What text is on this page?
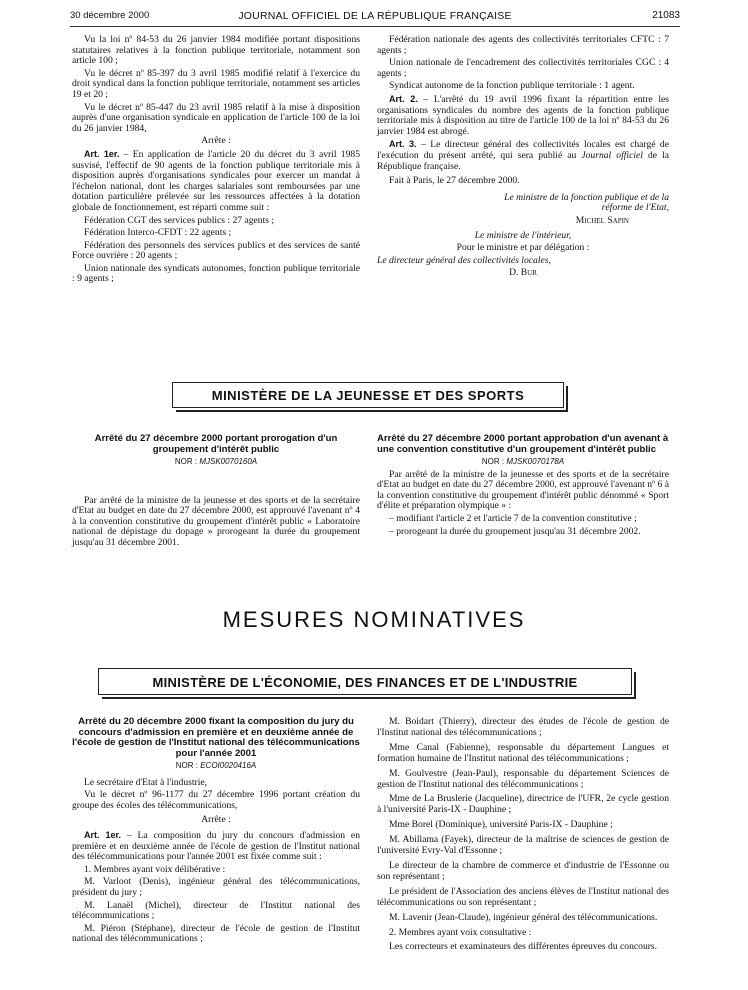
30 décembre 2000	JOURNAL OFFICIEL DE LA RÉPUBLIQUE FRANÇAISE	21083

Vu la loi nº 84-53 du 26 janvier 1984 modifiée portant dispositions statutaires relatives à la fonction publique territoriale, notamment son article 100 ;

Vu le décret nº 85-397 du 3 avril 1985 modifié relatif à l'exercice du droit syndical dans la fonction publique territoriale, notamment ses articles 19 et 20 ;

Vu le décret nº 85-447 du 23 avril 1985 relatif à la mise à disposition auprès d'une organisation syndicale en application de l'article 100 de la loi du 26 janvier 1984,

Arrête :

Art. 1er. – En application de l'article 20 du décret du 3 avril 1985 susvisé, l'effectif de 90 agents de la fonction publique territoriale mis à disposition auprès d'organisations syndicales pour exercer un mandat à l'échelon national, dont les charges salariales sont remboursées par une dotation particulière prélevée sur les ressources affectées à la dotation globale de fonctionnement, est réparti comme suit :

Fédération CGT des services publics : 27 agents ;

Fédération Interco-CFDT : 22 agents ;

Fédération des personnels des services publics et des services de santé Force ouvrière : 20 agents ;

Union nationale des syndicats autonomes, fonction publique territoriale : 9 agents ;

Fédération nationale des agents des collectivités territoriales CFTC : 7 agents ;

Union nationale de l'encadrement des collectivités territoriales CGC : 4 agents ;

Syndicat autonome de la fonction publique territoriale : 1 agent.

Art. 2. – L'arrêté du 19 avril 1996 fixant la répartition entre les organisations syndicales du nombre des agents de la fonction publique territoriale mis à disposition au titre de l'article 100 de la loi nº 84-53 du 26 janvier 1984 est abrogé.

Art. 3. – Le directeur général des collectivités locales est chargé de l'exécution du présent arrêté, qui sera publié au Journal officiel de la République française.

Fait à Paris, le 27 décembre 2000.

Le ministre de la fonction publique et de la réforme de l'Etat,

Michel Sapin

Le ministre de l'intérieur,

Pour le ministre et par délégation :

Le directeur général des collectivités locales,

D. Bur

MINISTÈRE DE LA JEUNESSE ET DES SPORTS

Arrêté du 27 décembre 2000 portant prorogation d'un groupement d'intérêt public

NOR : MJSK0070160A

Par arrêté de la ministre de la jeunesse et des sports et de la secrétaire d'Etat au budget en date du 27 décembre 2000, est approuvé l'avenant nº 4 à la convention constitutive du groupement d'intérêt public « Laboratoire national de dépistage du dopage » prorogeant la durée du groupement jusqu'au 31 décembre 2001.

Arrêté du 27 décembre 2000 portant approbation d'un avenant à une convention constitutive d'un groupement d'intérêt public

NOR : MJSK0070178A

Par arrêté de la ministre de la jeunesse et des sports et de la secrétaire d'Etat au budget en date du 27 décembre 2000, est approuvé l'avenant nº 6 à la convention constitutive du groupement d'intérêt public dénommé « Sport d'élite et préparation olympique » :

– modifiant l'article 2 et l'article 7 de la convention constitutive ;

– prorogeant la durée du groupement jusqu'au 31 décembre 2002.

MESURES NOMINATIVES
MINISTÈRE DE L'ÉCONOMIE, DES FINANCES ET DE L'INDUSTRIE

Arrêté du 20 décembre 2000 fixant la composition du jury du concours d'admission en première et en deuxième année de l'école de gestion de l'Institut national des télécommunications pour l'année 2001

NOR : ECOI0020416A

Le secrétaire d'Etat à l'industrie,

Vu le décret nº 96-1177 du 27 décembre 1996 portant création du groupe des écoles des télécommunications,

Arrête :

Art. 1er. – La composition du jury du concours d'admission en première et en deuxième année de l'école de gestion de l'Institut national des télécommunications pour l'année 2001 est fixée comme suit :

1. Membres ayant voix délibérative :

M. Varloot (Denis), ingénieur général des télécommunications, président du jury ;

M. Lanaël (Michel), directeur de l'Institut national des télécommunications ;

M. Piéron (Stéphane), directeur de l'école de gestion de l'Institut national des télécommunications ;

M. Boidart (Thierry), directeur des études de l'école de gestion de l'Institut national des télécommunications ;

Mme Canal (Fabienne), responsable du département Langues et formation humaine de l'Institut national des télécommunications ;

M. Goulvestre (Jean-Paul), responsable du département Sciences de gestion de l'Institut national des télécommunications ;

Mme de La Bruslerie (Jacqueline), directrice de l'UFR, 2e cycle gestion à l'université Paris-IX - Dauphine ;

Mme Borel (Dominique), université Paris-IX - Dauphine ;

M. Abillama (Fayek), directeur de la maîtrise de sciences de gestion de l'université Evry-Val d'Essonne ;

Le directeur de la chambre de commerce et d'industrie de l'Essonne ou son représentant ;

Le président de l'Association des anciens élèves de l'Institut national des télécommunications ou son représentant ;

M. Lavenir (Jean-Claude), ingénieur général des télécommunications.

2. Membres ayant voix consultative :

Les correcteurs et examinateurs des différentes épreuves du concours.
